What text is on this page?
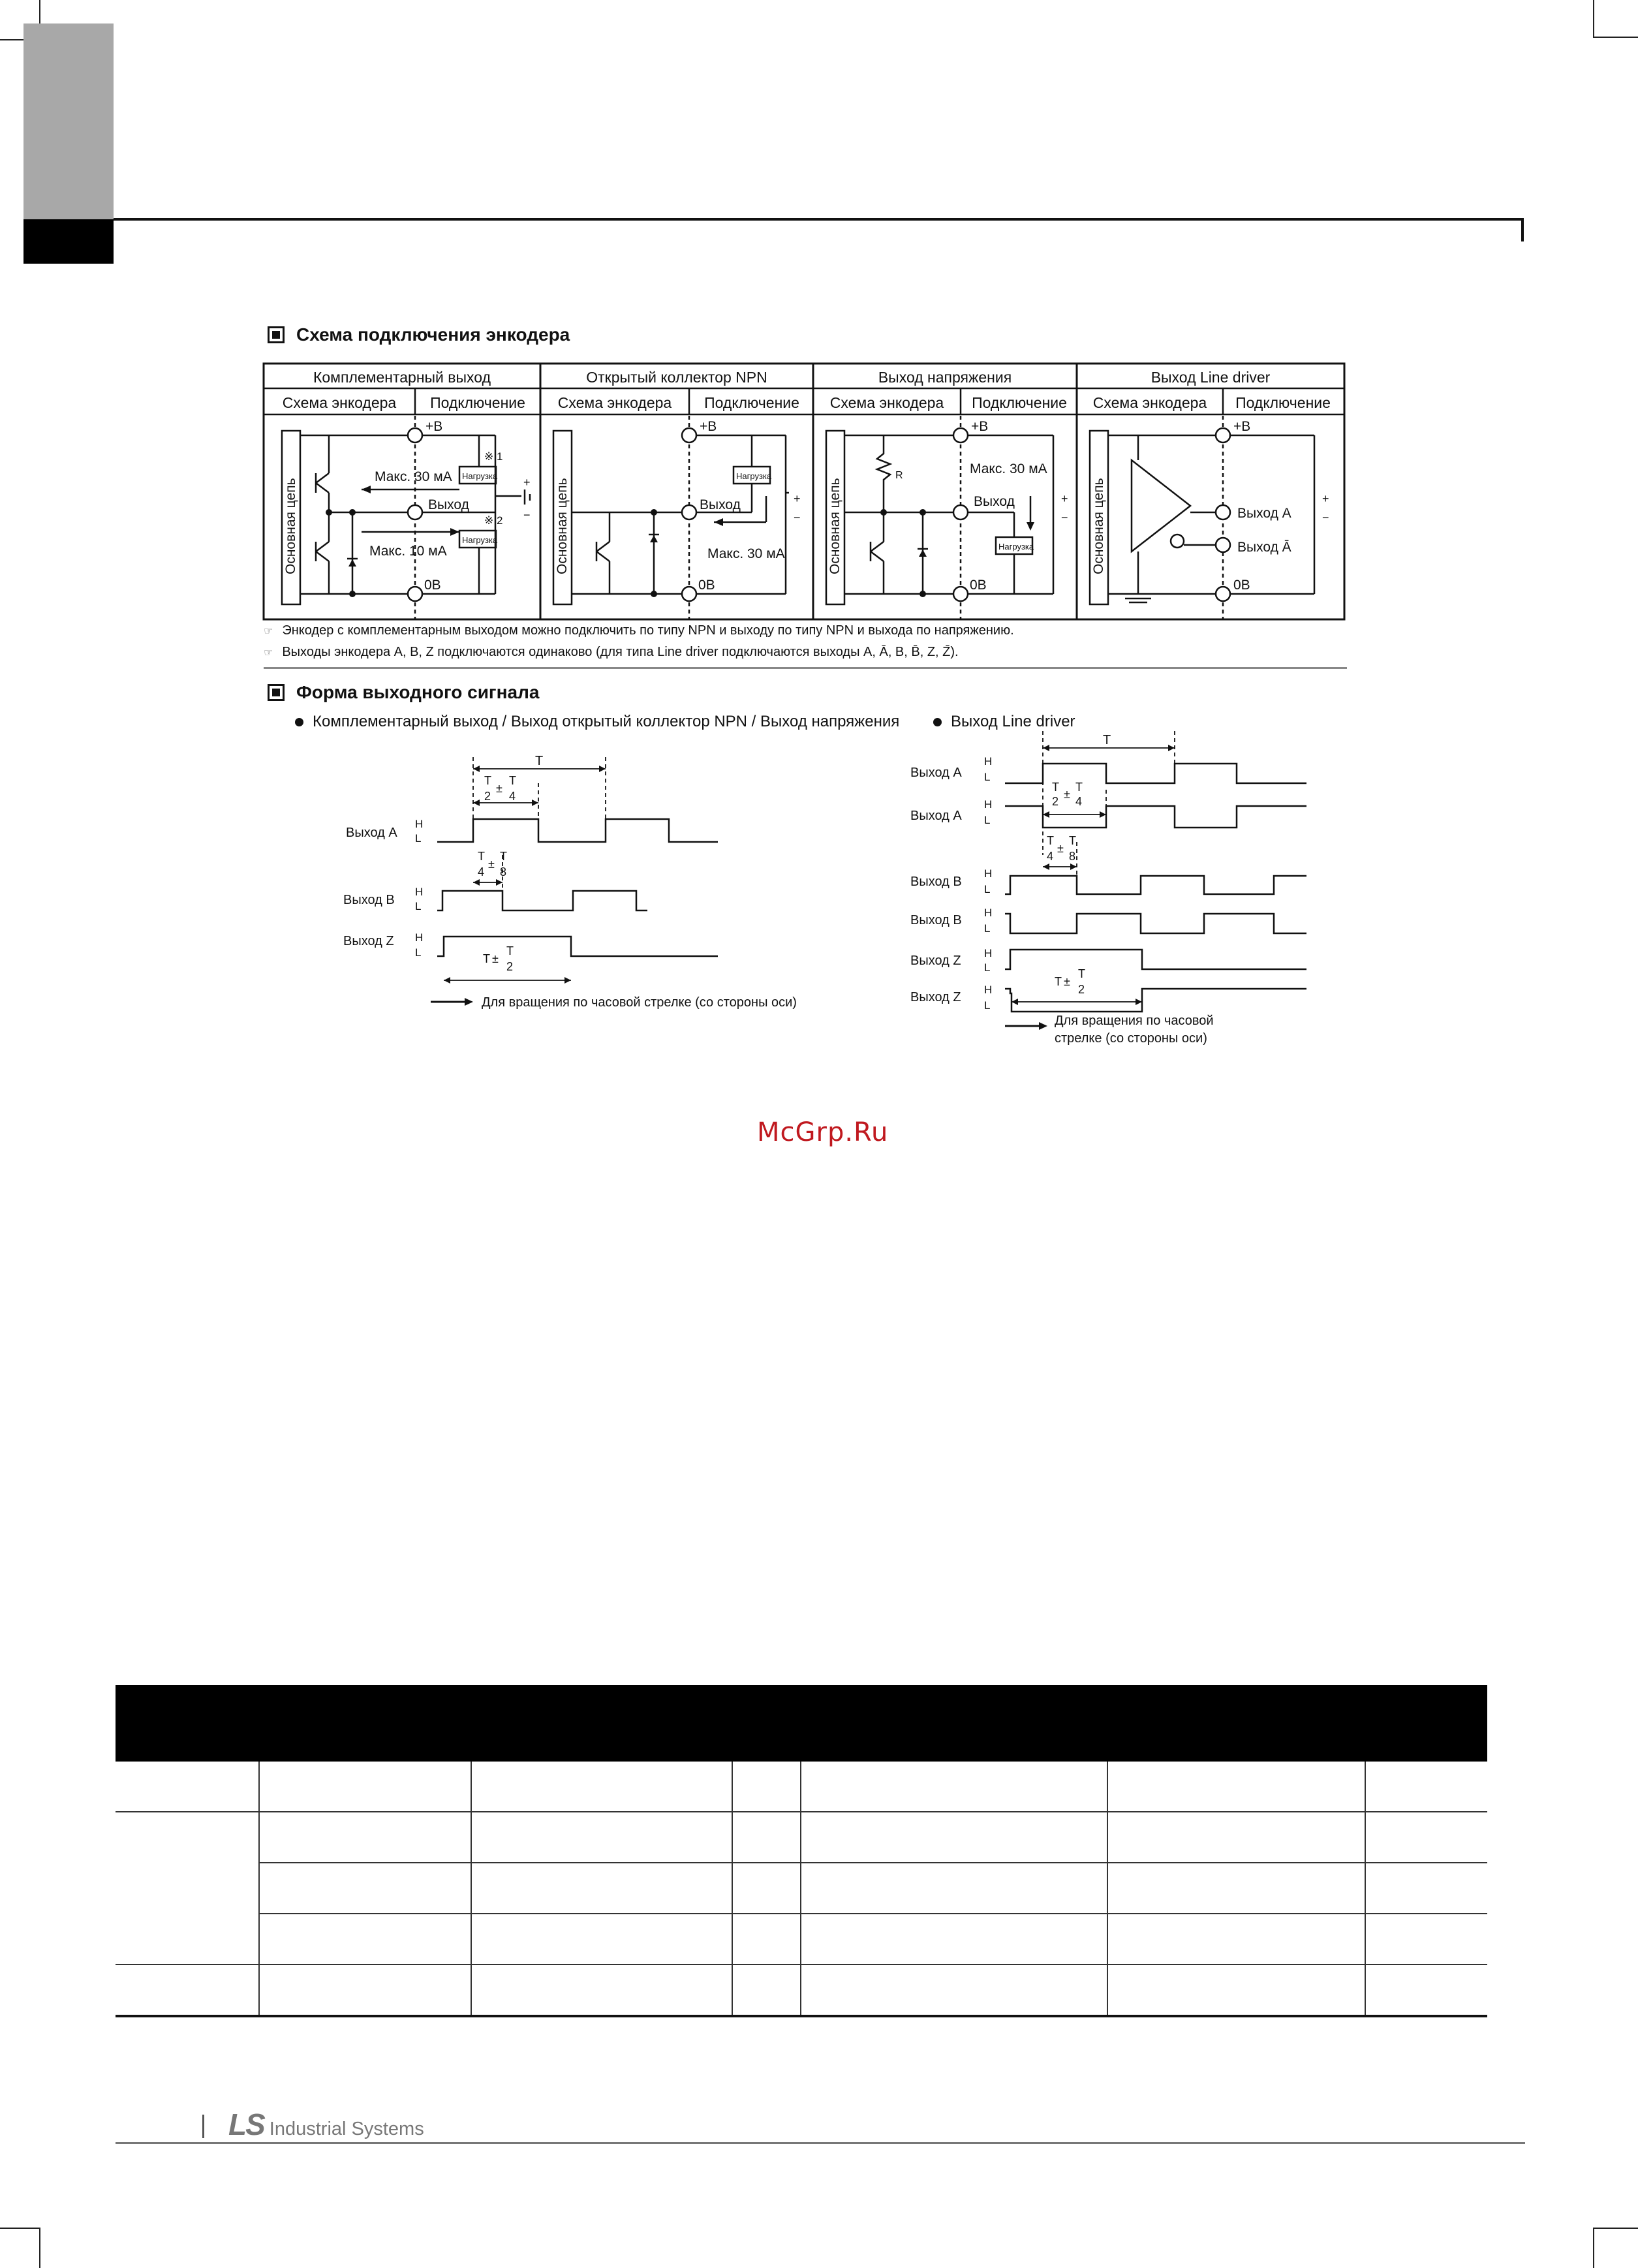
Схема подключения энкодера
Комплементарный выход	Открытый коллектор NPN	Выход напряжения	Выход Line driver
Схема энкодера Подключение Схема энкодера Подключение Схема энкодера Подключение Схема энкодера Подключение
Основная цепь
+B
Макс. 30 мА
Выход
Макс. 10 мА
0B
※ 1
※ 2
Нагрузка
Нагрузка
+
− Основная цепь
+B
Выход
Макс. 30 мА
0B
Нагрузка
+
− Основная цепь
R
+B
Макс. 30 мА
Выход
0B
Нагрузка
+
− Основная цепь
+B
Выход A
Выход Ā
0B
+
−
☞ Энкодер с комплементарным выходом можно подключить по типу NPN и выходу по типу NPN и выхода по напряжению.
☞ Выходы энкодера A, B, Z подключаются одинаково (для типа Line driver подключаются выходы A, Ā, B, B̄, Z, Z̄).
Форма выходного сигнала
Комплементарный выход / Выход открытый коллектор NPN / Выход напряжения	Выход Line driver
T
T
2
±
T
4
T
4
±
T
8
T ±
T
2
Выход A
Выход B
Выход Z
H
L
H
L
H
L
Для вращения по часовой стрелке (со стороны оси)
T
T
2
±
T
4
T
4
±
T
8
T ±
T
2
Выход A
Выход A
Выход B
Выход B
Выход Z
Выход Z
H
L
H
L
H
L
H
L
H
L
H
L
Для вращения по часовой
стрелке (со стороны оси)
McGrp.Ru

LS Industrial Systems
